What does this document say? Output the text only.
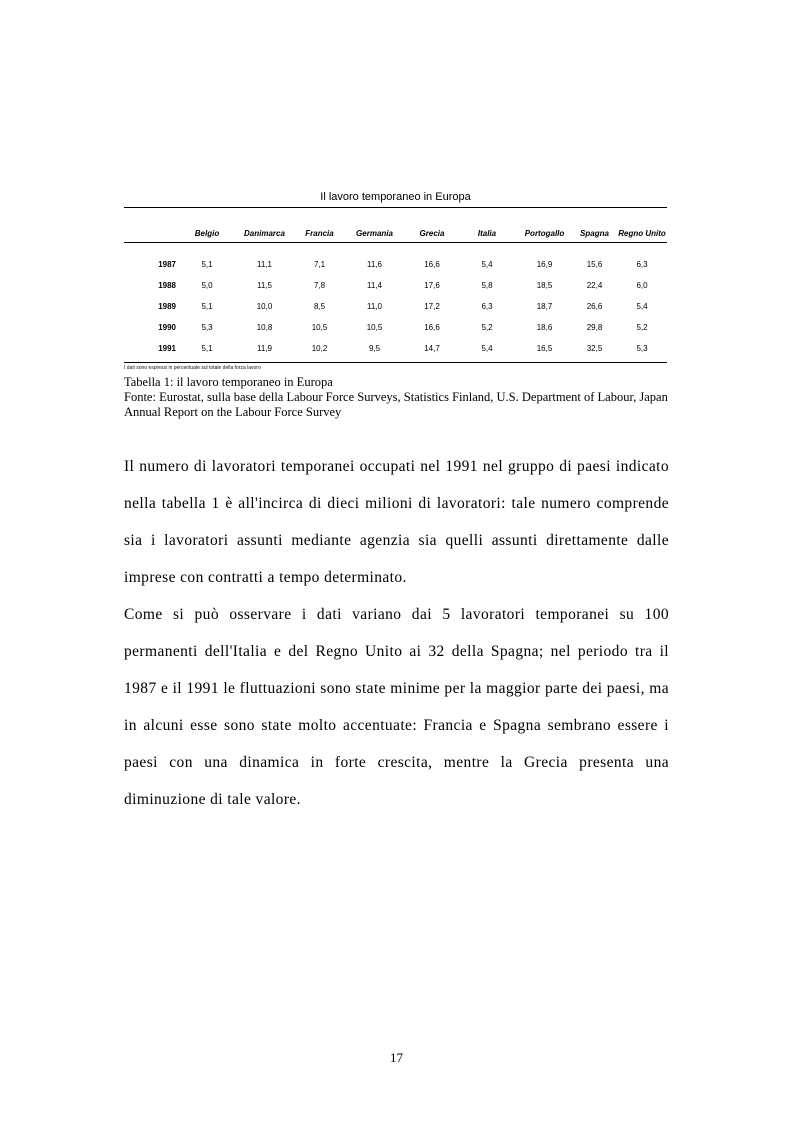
Il lavoro temporaneo in Europa
	Belgio	Danimarca	Francia	Germania	Grecia	Italia	Portogallo	Spagna	Regno Unito

1987	5,1	11,1	7,1	11,6	16,6	5,4	16,9	15,6	6,3
1988	5,0	11,5	7,8	11,4	17,6	5,8	18,5	22,4	6,0
1989	5,1	10,0	8,5	11,0	17,2	6,3	18,7	26,6	5,4
1990	5,3	10,8	10,5	10,5	16,6	5,2	18,6	29,8	5,2
1991	5,1	11,9	10,2	9,5	14,7	5,4	16,5	32,5	5,3
I dati sono espressi in percentuale sul totale della forza lavoro
Tabella 1: il lavoro temporaneo in Europa
Fonte: Eurostat, sulla base della Labour Force Surveys, Statistics Finland, U.S. Department of Labour, Japan Annual Report on the Labour Force Survey

Il numero di lavoratori temporanei occupati nel 1991 nel gruppo di paesi indicato nella tabella 1 è all'incirca di dieci milioni di lavoratori: tale numero comprende sia i lavoratori assunti mediante agenzia sia quelli assunti direttamente dalle imprese con contratti a tempo determinato.

Come si può osservare i dati variano dai 5 lavoratori temporanei su 100 permanenti dell'Italia e del Regno Unito ai 32 della Spagna; nel periodo tra il 1987 e il 1991 le fluttuazioni sono state minime per la maggior parte dei paesi, ma in alcuni esse sono state molto accentuate: Francia e Spagna sembrano essere i paesi con una dinamica in forte crescita, mentre la Grecia presenta una diminuzione di tale valore.

17
